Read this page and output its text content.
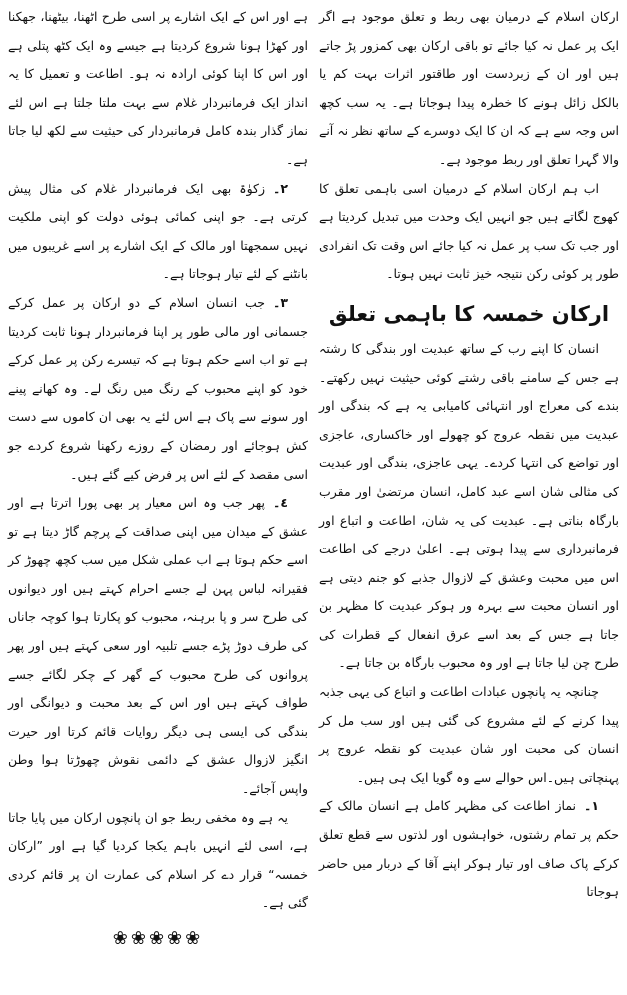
ارکان اسلام کے درمیان بھی ربط و تعلق موجود ہے اگر ایک پر عمل نہ کیا جائے تو باقی ارکان بھی کمزور پڑ جاتے ہیں اور ان کے زبردست اور طاقتور اثرات بہت کم یا بالکل زائل ہونے کا خطرہ پیدا ہوجاتا ہے۔ یہ سب کچھ اس وجہ سے ہے کہ ان کا ایک دوسرے کے ساتھ نظر نہ آنے والا گہرا تعلق اور ربط موجود ہے۔

اب ہم ارکان اسلام کے درمیان اسی باہمی تعلق کا کھوج لگاتے ہیں جو انہیں ایک وحدت میں تبدیل کردیتا ہے اور جب تک سب پر عمل نہ کیا جائے اس وقت تک انفرادی طور پر کوئی رکن نتیجہ خیز ثابت نہیں ہوتا۔

ارکان خمسہ کا باہمی تعلق

انسان کا اپنے رب کے ساتھ عبدیت اور بندگی کا رشتہ ہے جس کے سامنے باقی رشتے کوئی حیثیت نہیں رکھتے۔ بندے کی معراج اور انتہائی کامیابی یہ ہے کہ بندگی اور عبدیت میں نقطہ عروج کو چھولے اور خاکساری، عاجزی اور تواضع کی انتہا کردے۔ یہی عاجزی، بندگی اور عبدیت کی مثالی شان اسے عبد کامل، انسان مرتضیٰ اور مقرب بارگاہ بناتی ہے۔ عبدیت کی یہ شان، اطاعت و اتباع اور فرمانبرداری سے پیدا ہوتی ہے۔ اعلیٰ درجے کی اطاعت اس میں محبت وعشق کے لازوال جذبے کو جنم دیتی ہے اور انسان محبت سے بہرہ ور ہوکر عبدیت کا مظہر بن جاتا ہے جس کے بعد اسے عرق انفعال کے قطرات کی طرح چن لیا جاتا ہے اور وہ محبوب بارگاہ بن جاتا ہے۔

چنانچہ یہ پانچوں عبادات اطاعت و اتباع کی یہی جذبہ پیدا کرنے کے لئے مشروع کی گئی ہیں اور سب مل کر انسان کی محبت اور شان عبدیت کو نقطہ عروج پر پہنچاتی ہیں۔اس حوالے سے وہ گویا ایک ہی ہیں۔

١۔نماز اطاعت کی مظہر کامل ہے انسان مالک کے حکم پر تمام رشتوں، خواہشوں اور لذتوں سے قطع تعلق کرکے پاک صاف اور تیار ہوکر اپنے آقا کے دربار میں حاضر ہوجاتا

ہے اور اس کے ایک اشارے پر اسی طرح اٹھنا، بیٹھنا، جھکنا اور کھڑا ہونا شروع کردیتا ہے جیسے وہ ایک کٹھ پتلی ہے اور اس کا اپنا کوئی ارادہ نہ ہو۔ اطاعت و تعمیل کا یہ انداز ایک فرمانبردار غلام سے بہت ملتا جلتا ہے اس لئے نماز گذار بندہ کامل فرمانبردار کی حیثیت سے لکھ لیا جاتا ہے۔

٢۔زکوٰۃ بھی ایک فرمانبردار غلام کی مثال پیش کرتی ہے۔ جو اپنی کمائی ہوئی دولت کو اپنی ملکیت نہیں سمجھتا اور مالک کے ایک اشارے پر اسے غریبوں میں بانٹنے کے لئے تیار ہوجاتا ہے۔

٣۔جب انسان اسلام کے دو ارکان پر عمل کرکے جسمانی اور مالی طور پر اپنا فرمانبردار ہونا ثابت کردیتا ہے تو اب اسے حکم ہوتا ہے کہ تیسرے رکن پر عمل کرکے خود کو اپنے محبوب کے رنگ میں رنگ لے۔ وہ کھانے پینے اور سونے سے پاک ہے اس لئے یہ بھی ان کاموں سے دست کش ہوجائے اور رمضان کے روزے رکھنا شروع کردے جو اسی مقصد کے لئے اس پر فرض کیے گئے ہیں۔

٤۔پھر جب وہ اس معیار پر بھی پورا اترتا ہے اور عشق کے میدان میں اپنی صداقت کے پرچم گاڑ دیتا ہے تو اسے حکم ہوتا ہے اب عملی شکل میں سب کچھ چھوڑ کر فقیرانہ لباس پہن لے جسے احرام کہتے ہیں اور دیوانوں کی طرح سر و پا برہنہ، محبوب کو پکارتا ہوا کوچہ جاناں کی طرف دوڑ پڑے جسے تلبیہ اور سعی کہتے ہیں اور پھر پروانوں کی طرح محبوب کے گھر کے چکر لگائے جسے طواف کہتے ہیں اور اس کے بعد محبت و دیوانگی اور بندگی کی ایسی ہی دیگر روایات قائم کرتا اور حیرت انگیز لازوال عشق کے دائمی نقوش چھوڑتا ہوا وطن واپس آجائے۔

یہ ہے وہ مخفی ربط جو ان پانچوں ارکان میں پایا جاتا ہے، اسی لئے انہیں باہم یکجا کردیا گیا ہے اور ”ارکان خمسہ“ قرار دے کر اسلام کی عمارت ان پر قائم کردی گئی ہے۔

❀❀❀❀❀
